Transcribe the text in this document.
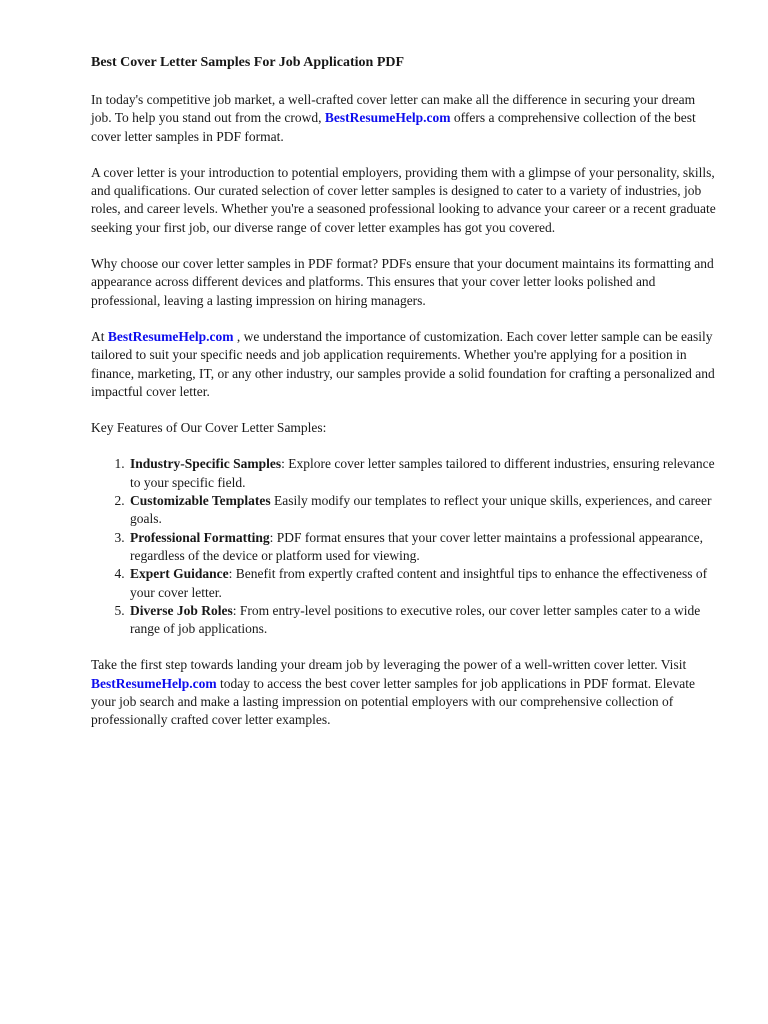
Best Cover Letter Samples For Job Application PDF

In today's competitive job market, a well-crafted cover letter can make all the difference in securing your dream job. To help you stand out from the crowd, BestResumeHelp.com offers a comprehensive collection of the best cover letter samples in PDF format.

A cover letter is your introduction to potential employers, providing them with a glimpse of your personality, skills, and qualifications. Our curated selection of cover letter samples is designed to cater to a variety of industries, job roles, and career levels. Whether you're a seasoned professional looking to advance your career or a recent graduate seeking your first job, our diverse range of cover letter examples has got you covered.

Why choose our cover letter samples in PDF format? PDFs ensure that your document maintains its formatting and appearance across different devices and platforms. This ensures that your cover letter looks polished and professional, leaving a lasting impression on hiring managers.

At BestResumeHelp.com , we understand the importance of customization. Each cover letter sample can be easily tailored to suit your specific needs and job application requirements. Whether you're applying for a position in finance, marketing, IT, or any other industry, our samples provide a solid foundation for crafting a personalized and impactful cover letter.

Key Features of Our Cover Letter Samples:

1. Industry-Specific Samples: Explore cover letter samples tailored to different industries, ensuring relevance to your specific field.
2. Customizable Templates Easily modify our templates to reflect your unique skills, experiences, and career goals.
3. Professional Formatting: PDF format ensures that your cover letter maintains a professional appearance, regardless of the device or platform used for viewing.
4. Expert Guidance: Benefit from expertly crafted content and insightful tips to enhance the effectiveness of your cover letter.
5. Diverse Job Roles: From entry-level positions to executive roles, our cover letter samples cater to a wide range of job applications.

Take the first step towards landing your dream job by leveraging the power of a well-written cover letter. Visit BestResumeHelp.com today to access the best cover letter samples for job applications in PDF format. Elevate your job search and make a lasting impression on potential employers with our comprehensive collection of professionally crafted cover letter examples.
